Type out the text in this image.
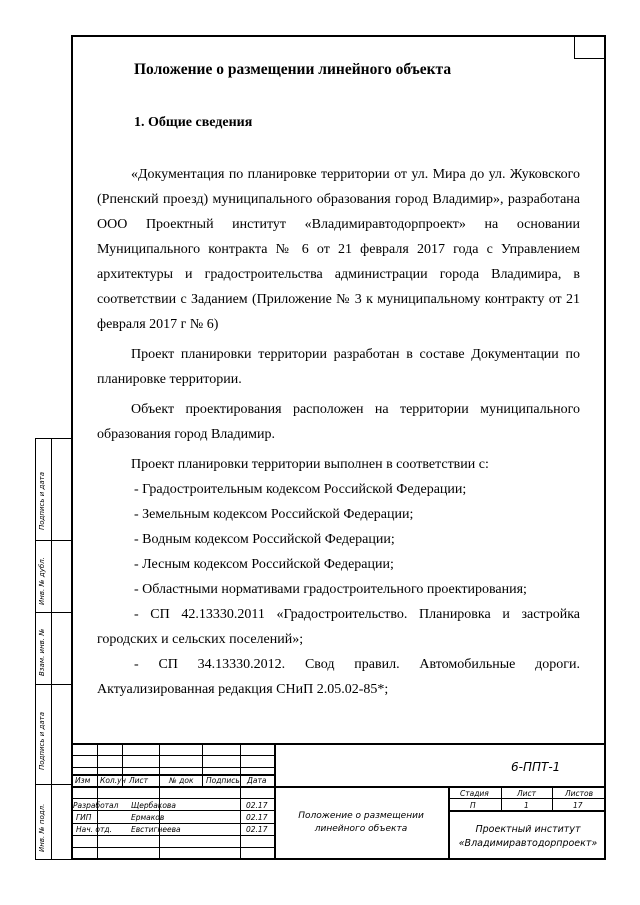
Подпись и дата
Инв. № дубл.
Взам. инв. №
Подпись и дата
Инв. № подл.
Положение о размещении линейного объекта
1. Общие сведения

«Документация по планировке территории от ул. Мира до ул. Жуковского (Рпенский проезд) муниципального образования город Владимир», разработана ООО Проектный институт «Владимиравтодорпроект» на основании Муниципального контракта № 6 от 21 февраля 2017 года с Управлением архитектуры и градостроительства администрации города Владимира, в соответствии с Заданием (Приложение № 3 к муниципальному контракту от 21 февраля 2017 г № 6)

Проект планировки территории разработан в составе Документации по планировке территории.

Объект проектирования расположен на территории муниципального образования город Владимир.

Проект планировки территории выполнен в соответствии с:

- Градостроительным кодексом Российской Федерации;

- Земельным кодексом Российской Федерации;

- Водным кодексом Российской Федерации;

- Лесным кодексом Российской Федерации;

- Областными нормативами градостроительного проектирования;

- СП 42.13330.2011 «Градостроительство. Планировка и застройка городских и сельских поселений»;

- СП 34.13330.2012. Свод правил. Автомобильные дороги. Актуализированная редакция СНиП 2.05.02-85*;

Изм Кол.уч Лист	№ док Подпись Дата
6-ППТ-1
Разработал Щербакова	02.17
ГИП	Ермаков	02.17
Нач. отд.	Евстигнеева	02.17
Положение о размещении
линейного объекта
Стадия	Лист	Листов
П	1	17
Проектный институт
«Владимиравтодорпроект»
